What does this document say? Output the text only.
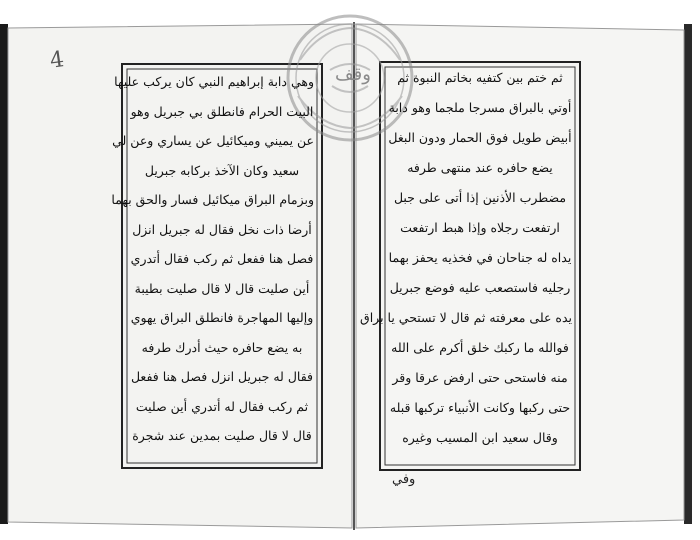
4
وقف
وهي دابة إبراهيم النبي كان يركب عليها
البيت الحرام فانطلق بي جبريل وهو
عن يميني وميكائيل عن يساري وعن لي
سعيد وكان الآخذ بركابه جبريل
وبزمام البراق ميكائيل فسار والحق بهما
أرضا ذات نخل فقال له جبريل انزل
فصل هنا ففعل ثم ركب فقال أتدري
أين صليت قال لا قال صليت بطيبة
وإليها المهاجرة فانطلق البراق يهوي
به يضع حافره حيث أدرك طرفه
فقال له جبريل انزل فصل هنا ففعل
ثم ركب فقال له أتدري أين صليت
قال لا قال صليت بمدين عند شجرة
ثم ختم بين كتفيه بخاتم النبوة ثم
أوتي بالبراق مسرجا ملجما وهو دابة
أبيض طويل فوق الحمار ودون البغل
يضع حافره عند منتهى طرفه
مضطرب الأذنين إذا أتى على جبل
ارتفعت رجلاه وإذا هبط ارتفعت
يداه له جناحان في فخذيه يحفز بهما
رجليه فاستصعب عليه فوضع جبريل
يده على معرفته ثم قال لا تستحي يا براق
فوالله ما ركبك خلق أكرم على الله
منه فاستحى حتى ارفض عرقا وقر
حتى ركبها وكانت الأنبياء تركبها قبله
وقال سعيد ابن المسيب وغيره
وفي
